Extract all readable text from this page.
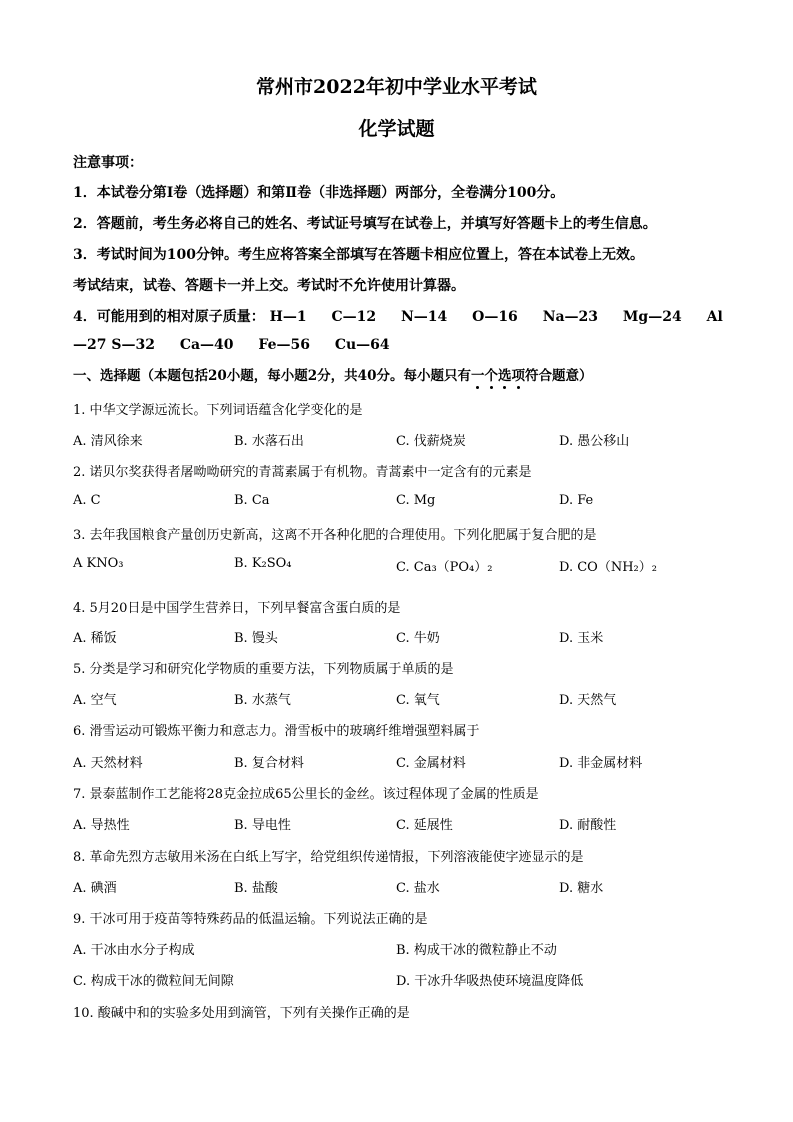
常州市2022年初中学业水平考试
化学试题
注意事项：
1．本试卷分第Ⅰ卷（选择题）和第Ⅱ卷（非选择题）两部分，全卷满分100分。
2．答题前，考生务必将自己的姓名、考试证号填写在试卷上，并填写好答题卡上的考生信息。
3．考试时间为100分钟。考生应将答案全部填写在答题卡相应位置上，答在本试卷上无效。
考试结束，试卷、答题卡一并上交。考试时不允许使用计算器。
4．可能用到的相对原子质量： H—1 C—12 N—14 O—16 Na—23 Mg—24 Al
—27 S—32 Ca—40 Fe—56 Cu—64
一、选择题（本题包括20小题，每小题2分，共40分。每小题只有一个选项符合题意）
1. 中华文学源远流长。下列词语蕴含化学变化的是
A. 清风徐来	B. 水落石出	C. 伐薪烧炭	D. 愚公移山
2. 诺贝尔奖获得者屠呦呦研究的青蒿素属于有机物。青蒿素中一定含有的元素是
A. C	B. Ca	C. Mg	D. Fe
3. 去年我国粮食产量创历史新高，这离不开各种化肥的合理使用。下列化肥属于复合肥的是
A KNO₃	B. K₂SO₄	C. Ca₃（PO₄）₂	D. CO（NH₂）₂
4. 5月20日是中国学生营养日，下列早餐富含蛋白质的是
A. 稀饭	B. 馒头	C. 牛奶	D. 玉米
5. 分类是学习和研究化学物质的重要方法，下列物质属于单质的是
A. 空气	B. 水蒸气	C. 氧气	D. 天然气
6. 滑雪运动可锻炼平衡力和意志力。滑雪板中的玻璃纤维增强塑料属于
A. 天然材料	B. 复合材料	C. 金属材料	D. 非金属材料
7. 景泰蓝制作工艺能将28克金拉成65公里长的金丝。该过程体现了金属的性质是
A. 导热性	B. 导电性	C. 延展性	D. 耐酸性
8. 革命先烈方志敏用米汤在白纸上写字，给党组织传递情报，下列溶液能使字迹显示的是
A. 碘酒	B. 盐酸	C. 盐水	D. 糖水
9. 干冰可用于疫苗等特殊药品的低温运输。下列说法正确的是
A. 干冰由水分子构成	B. 构成干冰的微粒静止不动
C. 构成干冰的微粒间无间隙	D. 干冰升华吸热使环境温度降低
10. 酸碱中和的实验多处用到滴管，下列有关操作正确的是
